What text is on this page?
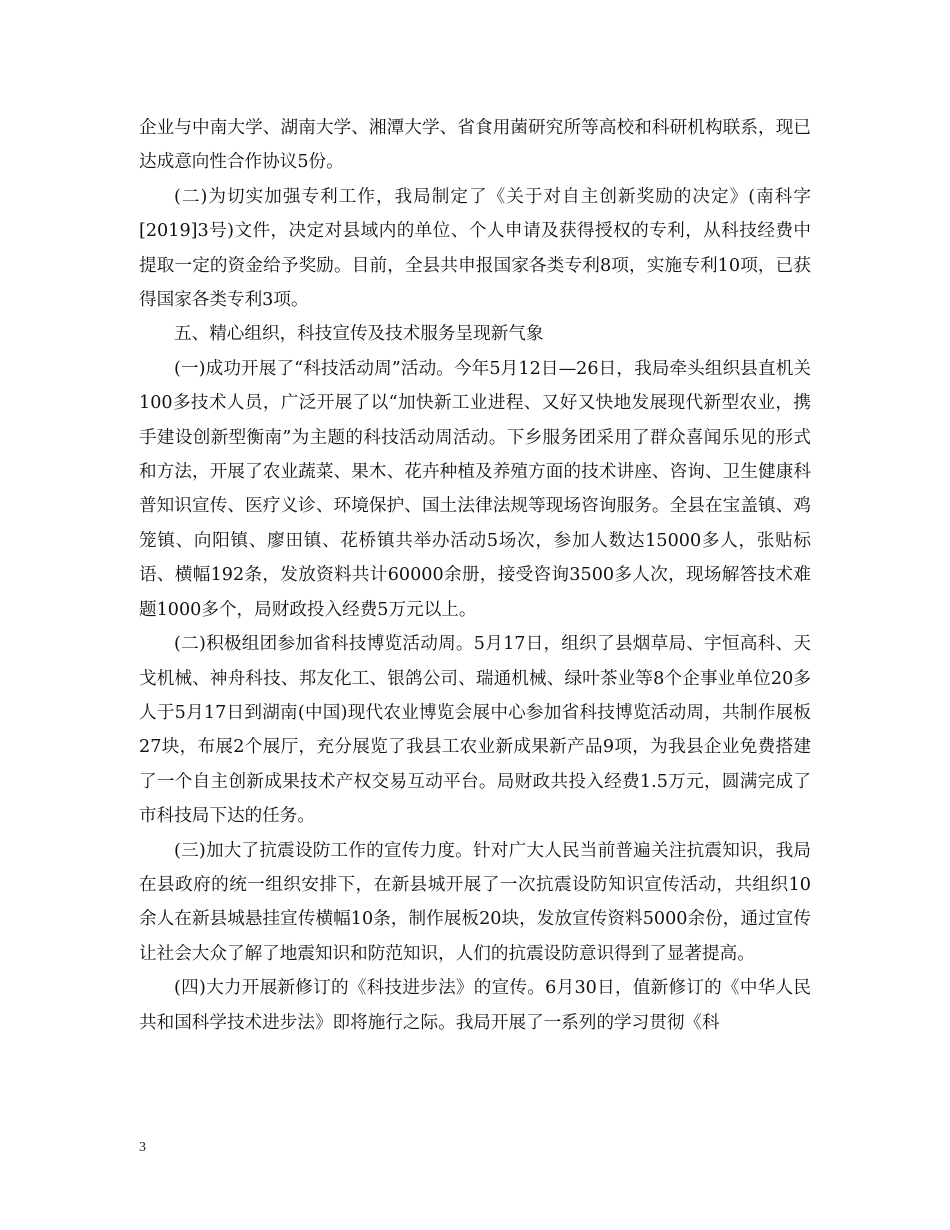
企业与中南大学、湖南大学、湘潭大学、省食用菌研究所等高校和科研机构联系，现已达成意向性合作协议5份。

(二)为切实加强专利工作，我局制定了《关于对自主创新奖励的决定》(南科字[2019]3号)文件，决定对县域内的单位、个人申请及获得授权的专利，从科技经费中提取一定的资金给予奖励。目前，全县共申报国家各类专利8项，实施专利10项，已获得国家各类专利3项。

五、精心组织，科技宣传及技术服务呈现新气象

(一)成功开展了“科技活动周”活动。今年5月12日—26日，我局牵头组织县直机关100多技术人员，广泛开展了以“加快新工业进程、又好又快地发展现代新型农业，携手建设创新型衡南”为主题的科技活动周活动。下乡服务团采用了群众喜闻乐见的形式和方法，开展了农业蔬菜、果木、花卉种植及养殖方面的技术讲座、咨询、卫生健康科普知识宣传、医疗义诊、环境保护、国土法律法规等现场咨询服务。全县在宝盖镇、鸡笼镇、向阳镇、廖田镇、花桥镇共举办活动5场次，参加人数达15000多人，张贴标语、横幅192条，发放资料共计60000余册，接受咨询3500多人次，现场解答技术难题1000多个，局财政投入经费5万元以上。

(二)积极组团参加省科技博览活动周。5月17日，组织了县烟草局、宇恒高科、天戈机械、神舟科技、邦友化工、银鸽公司、瑞通机械、绿叶茶业等8个企事业单位20多人于5月17日到湖南(中国)现代农业博览会展中心参加省科技博览活动周，共制作展板27块，布展2个展厅，充分展览了我县工农业新成果新产品9项，为我县企业免费搭建了一个自主创新成果技术产权交易互动平台。局财政共投入经费1.5万元，圆满完成了市科技局下达的任务。

(三)加大了抗震设防工作的宣传力度。针对广大人民当前普遍关注抗震知识，我局在县政府的统一组织安排下，在新县城开展了一次抗震设防知识宣传活动，共组织10余人在新县城悬挂宣传横幅10条，制作展板20块，发放宣传资料5000余份，通过宣传让社会大众了解了地震知识和防范知识，人们的抗震设防意识得到了显著提高。

(四)大力开展新修订的《科技进步法》的宣传。6月30日，值新修订的《中华人民共和国科学技术进步法》即将施行之际。我局开展了一系列的学习贯彻《科

3
